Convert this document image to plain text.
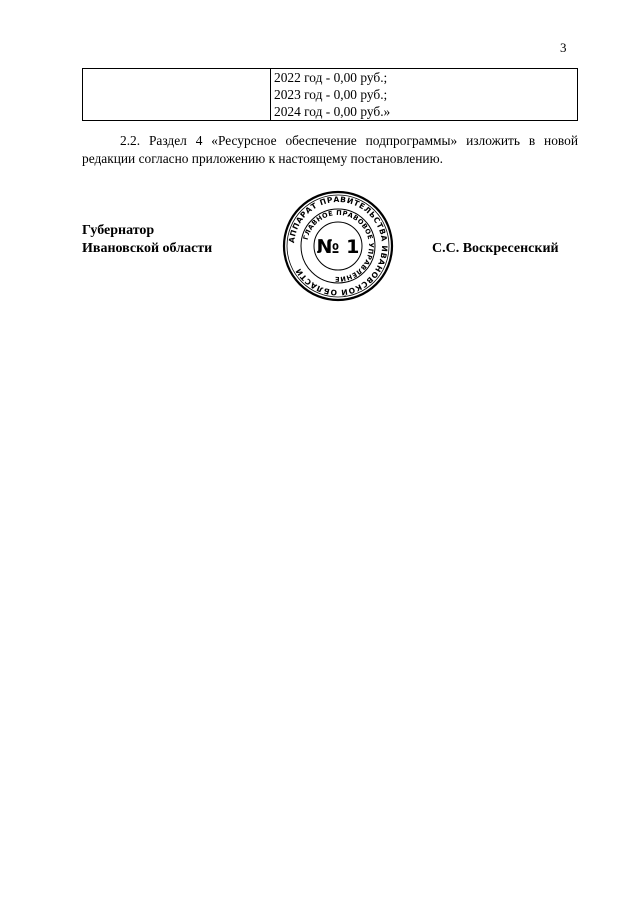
3

2022 год - 0,00 руб.;
2023 год - 0,00 руб.;
2024 год - 0,00 руб.»

2.2. Раздел 4 «Ресурсное обеспечение подпрограммы» изложить в новой редакции согласно приложению к настоящему постановлению.

Губернатор
Ивановской области	С.С. Воскресенский
АППАРАТ ПРАВИТЕЛЬСТВА ИВАНОВСКОЙ ОБЛАСТИ
ГЛАВНОЕ ПРАВОВОЕ УПРАВЛЕНИЕ
№ 1
